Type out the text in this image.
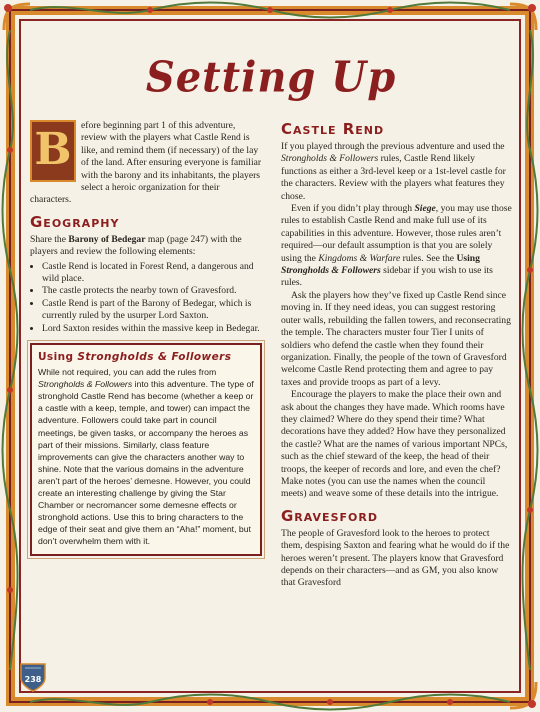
Setting Up
B efore beginning part 1 of this adventure, review with the players what Castle Rend is like, and remind them (if necessary) of the lay of the land. After ensuring everyone is familiar with the barony and its inhabitants, the players select a heroic organization for their characters.

Geography

Share the Barony of Bedegar map (page 247) with the players and review the following elements:

• Castle Rend is located in Forest Rend, a dangerous and wild place.
• The castle protects the nearby town of Gravesford.
• Castle Rend is part of the Barony of Bedegar, which is currently ruled by the usurper Lord Saxton.
• Lord Saxton resides within the massive keep in Bedegar.
Using Strongholds & Followers

While not required, you can add the rules from Strongholds & Followers into this adventure. The type of stronghold Castle Rend has become (whether a keep or a castle with a keep, temple, and tower) can impact the adventure. Followers could take part in council meetings, be given tasks, or accompany the heroes as part of their missions. Similarly, class feature improvements can give the characters another way to shine. Note that the various domains in the adventure aren’t part of the heroes’ demesne. However, you could create an interesting challenge by giving the Star Chamber or necromancer some demesne effects or stronghold actions. Use this to bring characters to the edge of their seat and give them an “Aha!” moment, but don’t overwhelm them with it.

Castle Rend

If you played through the previous adventure and used the Strongholds & Followers rules, Castle Rend likely functions as either a 3rd-level keep or a 1st-level castle for the characters. Review with the players what features they chose.

Even if you didn’t play through Siege, you may use those rules to establish Castle Rend and make full use of its capabilities in this adventure. However, those rules aren’t required—our default assumption is that you are solely using the Kingdoms & Warfare rules. See the Using Strongholds & Followers sidebar if you wish to use its rules.

Ask the players how they’ve fixed up Castle Rend since moving in. If they need ideas, you can suggest restoring outer walls, rebuilding the fallen towers, and reconsecrating the temple. The characters muster four Tier I units of soldiers who defend the castle when they found their organization. Finally, the people of the town of Gravesford welcome Castle Rend protecting them and agree to pay taxes and provide troops as part of a levy.

Encourage the players to make the place their own and ask about the changes they have made. Which rooms have they claimed? Where do they spend their time? What decorations have they added? How have they personalized the castle? What are the names of various important NPCs, such as the chief steward of the keep, the head of their troops, the keeper of records and lore, and even the chef? Make notes (you can use the names when the council meets) and weave some of these details into the intrigue.

Gravesford

The people of Gravesford look to the heroes to protect them, despising Saxton and fearing what he would do if the heroes weren’t present. The players know that Gravesford depends on their characters—and as GM, you also know that Gravesford

238
